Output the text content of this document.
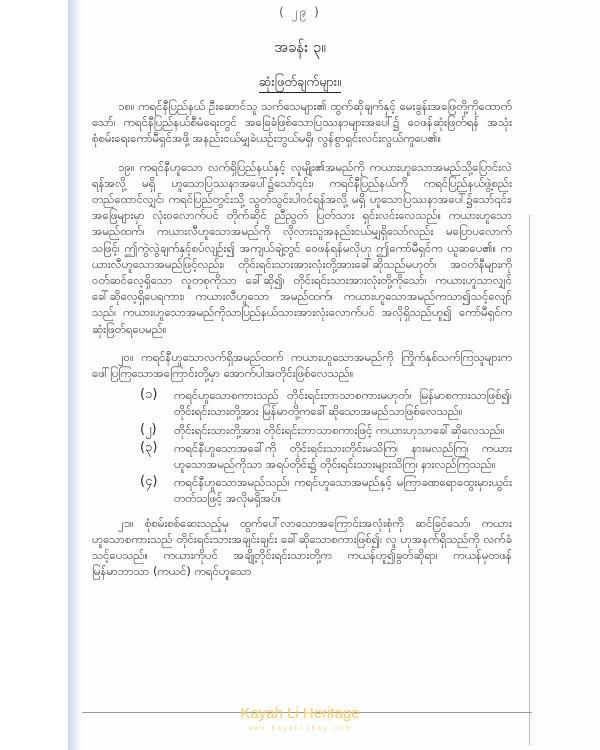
( ၂၉ )
အခန်း ၃။
ဆုံးဖြတ်ချက်များ။

၁၈။ ကရင်နီပြည်နယ် ဦးဆောင်သူ သက်သေများ၏ ထွက်ဆိုချက်နှင့် မေးခွန်းအဖြေတို့ကိုထောက်သော်၊ ကရင်နီပြည်နယ်စီမံရေးတွင် အခြေခံဖြစ်သောပြဿနာများအပေါ်၌ ဝေဖန်ဆုံးဖြတ်ရန် အသုံးစုံစမ်းရေးကော်မီရှင်အဖို့ အနည်းငယ်မျှခဲယဉ်းဘွယ်မရှိ၊ လွန်စွာရှင်းလင်းလွယ်ကူပေ၏။

၁၉။ ကရင်နီဟူသော လက်ရှိပြည်နယ်နှင့် လူမျိုး၏အမည်ကို ကယားဟူသောအမည်သို့ပြောင်းလဲရန်အလို့ မရှိ ဟူသောပြဿနာအပေါ်၌သော်၎င်း၊ ကရင်နီပြည်နယ်ကို ကရင်ပြည်နယ်ဖွဲ့စည်းတည်ထောင်လျှင်၊ ကရင်ပြည်တွင်းသို့ သွတ်သွင်းပါဝင်ရန်အလို့ မရှိ ဟူသောပြဿနာအပေါ်၌သော်၎င်း၊ အဖြေများမှာ လုံးဝလောက်ပင် တိုက်ဆိုင် ညီညွတ် ပြတ်သား ရှင်းလင်းလေသည်။ ကယားဟူသောအမည်ထက်၊ ကယားလီဟူသောအမည်ကို လိုလားသူအနည်းငယ်မျှရှိသော်လည်း မပြောပလောက်သဖြင့်၊ ဤကွဲလွဲချက်နှင့်စပ်လျဉ်း၍ အကျယ်ချဲ့တွင် ဝေဖန်ရန်မလိုဟု ဤကော်မီရှင်က ယူဆပေ၏။ ကယားလီဟူသောအမည်ဖြင့်လည်း၊ တိုင်းရင်းသားအားလုံးတို့အားခေါ်ဆိုသည်မဟုတ်၊ အဝတ်နီများကို ဝတ်ဆင်လေ့ရှိသော လူတစုကိုသာ ခေါ်ဆို၍၊ တိုင်းရင်းသားအားလုံးတို့ကိုသော်၊ ကယားဟူသာလျှင် ခေါ်ဆိုလေ့ရှိပေရကား၊ ကယားလီဟူသော အမည်ထက်၊ ကယားဟူသောအမည်ကသာ၍သင့်လျော်သည်၊ ကယားဟူသောအမည်ကိုသာပြည်နယ်သားအားလုံးလောက်ပင် အလိုရှိသည်ဟူ၍ ကော်မီရှင်ကဆုံးဖြတ်ရပေမည်။

၂၀။ ကရင်နီဟူသောလက်ရှိအမည်ထက် ကယားဟူသောအမည်ကို ကြိုက်နှစ်သက်ကြသူများက ဖေါ်ပြကြသောအကြောင်းတို့မှာ အောက်ပါအတိုင်းဖြစ်လေသည်။

(၁)	ကရင်ဟူသောစကားသည် တိုင်းရင်းဘာသာစကားမဟုတ်၊ မြန်မာစကားသာဖြစ်၍၊ တိုင်းရင်းသားတို့အား မြန်မာတို့ကခေါ်ဆိုသောအမည်သာဖြစ်လေသည်။
(၂)	တိုင်းရင်းသားတို့အား၊ တိုင်းရင်းဘာသာစကားဖြင့် ကယားဟုသာခေါ်ဆိုလေသည်။
(၃)	ကရင်နီဟူသောအခေါ်ကို တိုင်းရင်းသားတိုင်းမသိကြ၊ နားမလည်ကြ၊ ကယားဟူသောအမည်ကိုသာ အရပ်တိုင်း၌ တိုင်းရင်းသားများသိကြ၊ နားလည်ကြသည်။
(၄)	ကရင်နီဟူသောအမည်သည်၊ ကရင်ဟူသောအမည်နှင့် မကြာခဏရောထွေးမှားယွင်းတတ်သဖြင့် အလိုမရှိအပ်။

၂၁။ စုံစမ်းစစ်ဆေးသည့်မှ ထွက်ပေါ်လာသောအကြောင်းအလုံးစုံကို ဆင်ခြင်သော်၊ ကယားဟူသောစကားသည် တိုင်းရင်းသားအချင်းချင်း ခေါ်ဆိုသောစကားဖြစ်၍၊ လူ ဟုအနက်ရှိသည်ကို လက်ခံသင့်ပေသည်။ ကယားကိုပင် အချို့တိုင်းရင်းသားတို့က ကယန်ဟူ၍ခွတ်ဆိုရာ၊ ကယန်မှတဖန် မြန်မာဘာသာ (ကယင်) ကရင်ဟူသော

Kayah Li Heritage
www.kayahlikay.com
